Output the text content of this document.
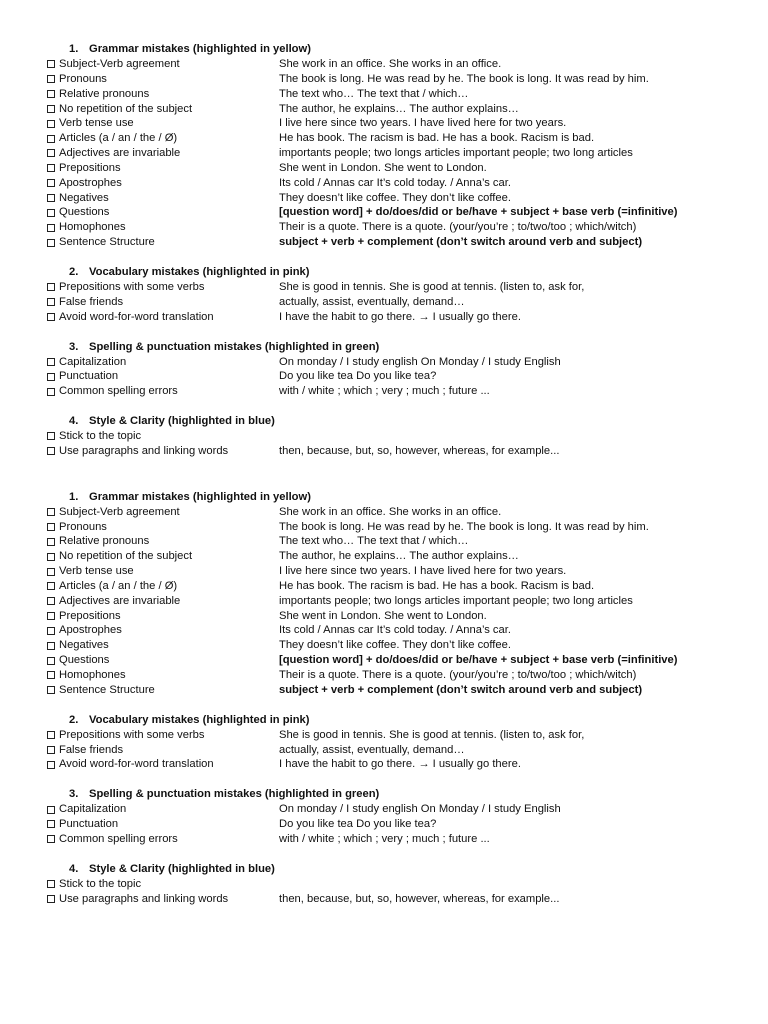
1. Grammar mistakes (highlighted in yellow)
Subject-Verb agreement	She work in an office. She works in an office.
Pronouns	The book is long. He was read by he. The book is long. It was read by him.
Relative pronouns	The text who… The text that / which…
No repetition of the subject	The author, he explains… The author explains…
Verb tense use	I live here since two years. I have lived here for two years.
Articles (a / an / the / Ø)	He has book. The racism is bad. He has a book. Racism is bad.
Adjectives are invariable	importants people; two longs articles important people; two long articles
Prepositions	She went in London. She went to London.
Apostrophes	Its cold / Annas car It’s cold today. / Anna’s car.
Negatives	They doesn’t like coffee. They don’t like coffee.
Questions	[question word] + do/does/did or be/have + subject + base verb (=infinitive)
Homophones	Their is a quote. There is a quote. (your/you’re ; to/two/too ; which/witch)
Sentence Structure	subject + verb + complement (don’t switch around verb and subject)
2. Vocabulary mistakes (highlighted in pink)
Prepositions with some verbs	She is good in tennis. She is good at tennis. (listen to, ask for,
False friends	actually, assist, eventually, demand…
Avoid word-for-word translation	I have the habit to go there. → I usually go there.
3. Spelling & punctuation mistakes (highlighted in green)
Capitalization	On monday / I study english On Monday / I study English
Punctuation	Do you like tea Do you like tea?
Common spelling errors	with / white ; which ; very ; much ; future ...
4. Style & Clarity (highlighted in blue)
Stick to the topic
Use paragraphs and linking words	then, because, but, so, however, whereas, for example...
1. Grammar mistakes (highlighted in yellow)
Subject-Verb agreement	She work in an office. She works in an office.
Pronouns	The book is long. He was read by he. The book is long. It was read by him.
Relative pronouns	The text who… The text that / which…
No repetition of the subject	The author, he explains… The author explains…
Verb tense use	I live here since two years. I have lived here for two years.
Articles (a / an / the / Ø)	He has book. The racism is bad. He has a book. Racism is bad.
Adjectives are invariable	importants people; two longs articles important people; two long articles
Prepositions	She went in London. She went to London.
Apostrophes	Its cold / Annas car It’s cold today. / Anna’s car.
Negatives	They doesn’t like coffee. They don’t like coffee.
Questions	[question word] + do/does/did or be/have + subject + base verb (=infinitive)
Homophones	Their is a quote. There is a quote. (your/you’re ; to/two/too ; which/witch)
Sentence Structure	subject + verb + complement (don’t switch around verb and subject)
2. Vocabulary mistakes (highlighted in pink)
Prepositions with some verbs	She is good in tennis. She is good at tennis. (listen to, ask for,
False friends	actually, assist, eventually, demand…
Avoid word-for-word translation	I have the habit to go there. → I usually go there.
3. Spelling & punctuation mistakes (highlighted in green)
Capitalization	On monday / I study english On Monday / I study English
Punctuation	Do you like tea Do you like tea?
Common spelling errors	with / white ; which ; very ; much ; future ...
4. Style & Clarity (highlighted in blue)
Stick to the topic
Use paragraphs and linking words	then, because, but, so, however, whereas, for example...
